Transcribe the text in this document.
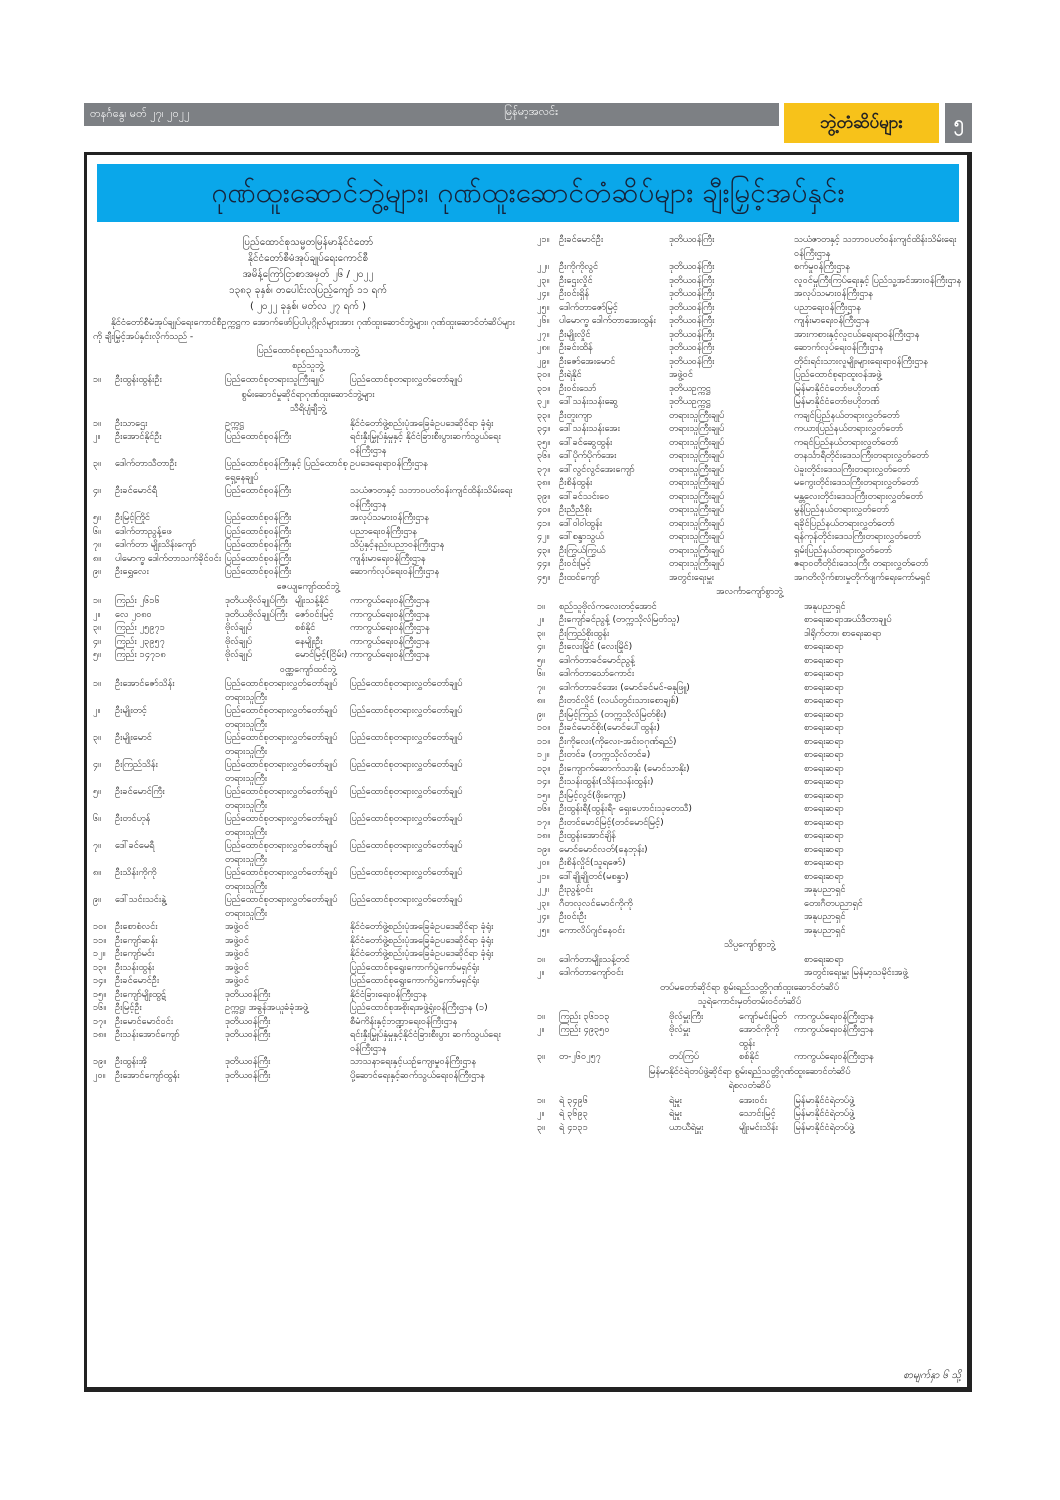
တနင်္ဂနွေ၊ မတ် ၂၇၊ ၂၀၂၂	မြန်မာ့အလင်း
ဘွဲ့တံဆိပ်များ	၅
ဂုဏ်ထူးဆောင်ဘွဲ့များ၊ ဂုဏ်ထူးဆောင်တံဆိပ်များ ချီးမြှင့်အပ်နှင်း
ပြည်ထောင်စုသမ္မတမြန်မာနိုင်ငံတော်
နိုင်ငံတော်စီမံအုပ်ချုပ်ရေးကောင်စီ
အမိန့်ကြော်ငြာစာအမှတ် ၂၆ / ၂၀၂၂
၁၃၈၃ ခုနှစ်၊ တပေါင်းလပြည့်ကျော် ၁၁ ရက်
( ၂၀၂၂ ခုနှစ်၊ မတ်လ ၂၇ ရက် )

နိုင်ငံတော်စီမံအုပ်ချုပ်ရေးကောင်စီဥက္ကဋ္ဌက အောက်ဖော်ပြပါပုဂ္ဂိုလ်များအား ဂုဏ်ထူးဆောင်ဘွဲ့များ၊ ဂုဏ်ထူးဆောင်တံဆိပ်များကို ချီးမြှင့်အပ်နှင်းလိုက်သည် -

ပြည်ထောင်စုစည်သူသဂီဟာဘွဲ့
စည်သူဘွဲ့
၁။	ဦးထွန်းထွန်းဦး	ပြည်ထောင်စုတရားသူကြီးချုပ်	ပြည်ထောင်စုတရားလွှတ်တော်ချုပ်
စွမ်းဆောင်မှုဆိုင်ရာဂုဏ်ထူးဆောင်ဘွဲ့များ
သီရိပျံချီဘွဲ့
၁။	ဦးသာဌေး	ဥက္ကဋ္ဌ	နိုင်ငံတော်ဖွဲ့စည်းပုံအခြေခံဥပဒေဆိုင်ရာ ခုံရုံး
၂။	ဦးအောင်နိုင်ဦး	ပြည်ထောင်စုဝန်ကြီး	ရင်းနှီးမြှုပ်နှံမှုနှင့် နိုင်ငံခြားစီးပွားဆက်သွယ်ရေးဝန်ကြီးဌာန
၃။	ဒေါက်တာသီတာဦး	ပြည်ထောင်စုဝန်ကြီးနှင့် ပြည်ထောင်စုရှေ့နေချုပ်
ဥပဒေရေးရာဝန်ကြီးဌာန
၄။	ဦးခင်မောင်ရီ	ပြည်ထောင်စုဝန်ကြီး	သယံဇာတနှင့် သဘာဝပတ်ဝန်းကျင်ထိန်းသိမ်းရေးဝန်ကြီးဌာန
၅။	ဦးမြင့်ကြိုင်	ပြည်ထောင်စုဝန်ကြီး	အလုပ်သမားဝန်ကြီးဌာန
၆။	ဒေါက်တာညွန့်ဖေ	ပြည်ထောင်စုဝန်ကြီး	ပညာရေးဝန်ကြီးဌာန
၇။	ဒေါက်တာ မျိုးသိန်းကျော်	ပြည်ထောင်စုဝန်ကြီး	သိပ္ပံနှင့်နည်းပညာဝန်ကြီးဌာန
၈။	ပါမောက္ခ ဒေါက်တာသက်ခိုင်ဝင်း ပြည်ထောင်စုဝန်ကြီး	ကျန်းမာရေးဝန်ကြီးဌာန
၉။	ဦးရွှေလေး	ပြည်ထောင်စုဝန်ကြီး	ဆောက်လုပ်ရေးဝန်ကြီးဌာန
ဇေယျကျော်ထင်ဘွဲ့
၁။	ကြည်း ၂၆၁၆	ဒုတိယဗိုလ်ချုပ်ကြီး မျိုးသန့်နိုင်	ကာကွယ်ရေးဝန်ကြီးဌာန
၂။	လေ ၂၀၈၀	ဒုတိယဗိုလ်ချုပ်ကြီး ဇော်ဝင်းမြင့်	ကာကွယ်ရေးဝန်ကြီးဌာန
၃။	ကြည်း ၂၅၉၇၁	ဗိုလ်ချုပ်	စစ်နိုင်	ကာကွယ်ရေးဝန်ကြီးဌာန
၄။	ကြည်း ၂၃၉၅၇	ဗိုလ်ချုပ်	နေမျိုးဦး	ကာကွယ်ရေးဝန်ကြီးဌာန
၅။	ကြည်း ၁၄၇၁၈	ဗိုလ်ချုပ်	မောင်မြင့်(ငြိမ်း) ကာကွယ်ရေးဝန်ကြီးဌာန
ဝဏ္ဏကျော်ထင်ဘွဲ့
၁။	ဦးအောင်ဇော်သိန်း	ပြည်ထောင်စုတရားလွှတ်တော်ချုပ် တရားသူကြီး
ပြည်ထောင်စုတရားလွှတ်တော်ချုပ်
၂။	ဦးမျိုးတင့်	ပြည်ထောင်စုတရားလွှတ်တော်ချုပ် တရားသူကြီး
ပြည်ထောင်စုတရားလွှတ်တော်ချုပ်
၃။	ဦးမျိုးမောင်	ပြည်ထောင်စုတရားလွှတ်တော်ချုပ် တရားသူကြီး
ပြည်ထောင်စုတရားလွှတ်တော်ချုပ်
၄။	ဦးကြည်သိန်း	ပြည်ထောင်စုတရားလွှတ်တော်ချုပ် တရားသူကြီး
ပြည်ထောင်စုတရားလွှတ်တော်ချုပ်
၅။	ဦးခင်မောင်ကြီး	ပြည်ထောင်စုတရားလွှတ်တော်ချုပ် တရားသူကြီး
ပြည်ထောင်စုတရားလွှတ်တော်ချုပ်
၆။	ဦးတင်ဟုန်	ပြည်ထောင်စုတရားလွှတ်တော်ချုပ် တရားသူကြီး
ပြည်ထောင်စုတရားလွှတ်တော်ချုပ်
၇။	ဒေါ်ခင်မေရီ	ပြည်ထောင်စုတရားလွှတ်တော်ချုပ် တရားသူကြီး
ပြည်ထောင်စုတရားလွှတ်တော်ချုပ်
၈။	ဦးသိန်းကိုကို	ပြည်ထောင်စုတရားလွှတ်တော်ချုပ် တရားသူကြီး
ပြည်ထောင်စုတရားလွှတ်တော်ချုပ်
၉။	ဒေါ်သင်းသင်းနွဲ့	ပြည်ထောင်စုတရားလွှတ်တော်ချုပ် တရားသူကြီး
ပြည်ထောင်စုတရားလွှတ်တော်ချုပ်
၁၀။ ဦးစောစံလင်း	အဖွဲ့ဝင်	နိုင်ငံတော်ဖွဲ့စည်းပုံအခြေခံဥပဒေဆိုင်ရာ ခုံရုံး
၁၁။ ဦးကျော်ဆန်း	အဖွဲ့ဝင်	နိုင်ငံတော်ဖွဲ့စည်းပုံအခြေခံဥပဒေဆိုင်ရာ ခုံရုံး
၁၂။	ဦးကျော်မင်း	အဖွဲ့ဝင်	နိုင်ငံတော်ဖွဲ့စည်းပုံအခြေခံဥပဒေဆိုင်ရာ ခုံရုံး
၁၃။ ဦးသန်းထွန်း	အဖွဲ့ဝင်	ပြည်ထောင်စုရွေးကောက်ပွဲကော်မရှင်ရုံး
၁၄။ ဦးခင်မောင်ဦး	အဖွဲ့ဝင်	ပြည်ထောင်စုရွေးကောက်ပွဲကော်မရှင်ရုံး
၁၅။ ဦးကျော်မျိုးထွဋ်	ဒုတိယဝန်ကြီး	နိုင်ငံခြားရေးဝန်ကြီးဌာန
၁၆။ ဦးမြင့်ဦး	ဥက္ကဋ္ဌ၊ အခွန်အယူခံခုံအဖွဲ့	ပြည်ထောင်စုအစိုးရအဖွဲ့ရုံးဝန်ကြီးဌာန (၁)
၁၇။ ဦးမောင်မောင်ဝင်း	ဒုတိယဝန်ကြီး	စီမံကိန်းနှင့်ဘဏ္ဍာရေးဝန်ကြီးဌာန
၁၈။ ဦးသန်းအောင်ကျော်	ဒုတိယဝန်ကြီး	ရင်းနှီးမြှုပ်နှံမှုနှင့်နိုင်ငံခြားစီးပွား ဆက်သွယ်ရေးဝန်ကြီးဌာန
၁၉။ ဦးထွန်းအို	ဒုတိယဝန်ကြီး	သာသနာရေးနှင့်ယဉ်ကျေးမှုဝန်ကြီးဌာန
၂၀။	ဦးအောင်ကျော်ထွန်း	ဒုတိယဝန်ကြီး	ပို့ဆောင်ရေးနှင့်ဆက်သွယ်ရေးဝန်ကြီးဌာန
၂၁။	ဦးခင်မောင်ဦး	ဒုတိယဝန်ကြီး	သယံဇာတနှင့် သဘာဝပတ်ဝန်းကျင်ထိန်းသိမ်းရေးဝန်ကြီးဌာန
၂၂။	ဦးကိုကိုလွင်	ဒုတိယဝန်ကြီး	စက်မှုဝန်ကြီးဌာန
၂၃။	ဦးဌေးလှိုင်	ဒုတိယဝန်ကြီး	လူဝင်မှုကြီးကြပ်ရေးနှင့် ပြည်သူ့အင်အားဝန်ကြီးဌာန
၂၄။	ဦးဝင်းရှိန်	ဒုတိယဝန်ကြီး	အလုပ်သမားဝန်ကြီးဌာန
၂၅။	ဒေါက်တာဇော်မြင့်	ဒုတိယဝန်ကြီး	ပညာရေးဝန်ကြီးဌာန
၂၆။	ပါမောက္ခ ဒေါက်တာအေးထွန်း	ဒုတိယဝန်ကြီး	ကျန်းမာရေးဝန်ကြီးဌာန
၂၇။	ဦးမျိုးလှိုင်	ဒုတိယဝန်ကြီး	အားကစားနှင့်လူငယ်ရေးရာဝန်ကြီးဌာန
၂၈။	ဦးခင်းထိန်	ဒုတိယဝန်ကြီး	ဆောက်လုပ်ရေးဝန်ကြီးဌာန
၂၉။	ဦးဇော်အေးမောင်	ဒုတိယဝန်ကြီး	တိုင်းရင်းသားလူမျိုးများရေးရာဝန်ကြီးဌာန
၃၀။ ဦးရဲနိုင်	အဖွဲ့ဝင်	ပြည်ထောင်စုရာထူးဝန်အဖွဲ့
၃၁။ ဦးဝင်းသော်	ဒုတိယဥက္ကဋ္ဌ	မြန်မာနိုင်ငံတော်ဗဟိုဘဏ်
၃၂။	ဒေါ်သန်းသန်းဆွေ	ဒုတိယဥက္ကဋ္ဌ	မြန်မာနိုင်ငံတော်ဗဟိုဘဏ်
၃၃။ ဦးတူးကျာ	တရားသူကြီးချုပ်	ကချင်ပြည်နယ်တရားလွှတ်တော်
၃၄။ ဒေါ်သန်းသန်းအေး	တရားသူကြီးချုပ်	ကယားပြည်နယ်တရားလွှတ်တော်
၃၅။ ဒေါ်ခင်ဆွေထွန်း	တရားသူကြီးချုပ်	ကရင်ပြည်နယ်တရားလွှတ်တော်
၃၆။ ဒေါ်ပိုက်ပိုက်အေး	တရားသူကြီးချုပ်	တနင်္သာရီတိုင်းဒေသကြီးတရားလွှတ်တော်
၃၇။ ဒေါ်လွင်လွင်အေးကျော်	တရားသူကြီးချုပ်	ပဲခူးတိုင်းဒေသကြီးတရားလွှတ်တော်
၃၈။ ဦးစိန်ထွန်း	တရားသူကြီးချုပ်	မကွေးတိုင်းဒေသကြီးတရားလွှတ်တော်
၃၉။ ဒေါ်ခင်သင်းဝေ	တရားသူကြီးချုပ်	မန္တလေးတိုင်းဒေသကြီးတရားလွှတ်တော်
၄၀။ ဦးညီညီစိုး	တရားသူကြီးချုပ်	မွန်ပြည်နယ်တရားလွှတ်တော်
၄၁။ ဒေါ်ဝါဝါထွန်း	တရားသူကြီးချုပ်	ရခိုင်ပြည်နယ်တရားလွှတ်တော်
၄၂။	ဒေါ်စန္ဒာသွယ်	တရားသူကြီးချုပ်	ရန်ကုန်တိုင်းဒေသကြီးတရားလွှတ်တော်
၄၃။ ဦးကြွယ်ကြွယ်	တရားသူကြီးချုပ်	ရှမ်းပြည်နယ်တရားလွှတ်တော်
၄၄။ ဦးဝင်းမြင့်	တရားသူကြီးချုပ်	ဧရာဝတီတိုင်းဒေသကြီး တရားလွှတ်တော်
၄၅။ ဦးထင်ကျော်	အတွင်းရေးမှူး	အဂတိလိုက်စားမှုတိုက်ဖျက်ရေးကော်မရှင်
အလင်္ကာကျော်စွာဘွဲ့
၁။	စည်သူဗိုလ်ကလေးတင့်အောင်	အနုပညာရှင်
၂။	ဦးကျော်ခင်ညွန့် (တက္ကသိုလ်မြတ်သူ)	စာရေးဆရာအယ်ဒီတာချုပ်
၃။	ဦးကြည်စိုးထွန်း	ဒါရိုက်တာ၊ စာရေးဆရာ
၄။	ဦးလေးမြိုင် (လေးမြိုင်)	စာရေးဆရာ
၅။	ဒေါက်တာခင်မောင်ညွန့်	စာရေးဆရာ
၆။	ဒေါက်တာသော်ကောင်း	စာရေးဆရာ
၇။	ဒေါက်တာခင်အေး (မောင်ခင်မင်-ဓနုဖြူ)	စာရေးဆရာ
၈။	ဦးတင်လှိုင် (လယ်တွင်းသားစောချစ်)	စာရေးဆရာ
၉။	ဦးမြင့်ကြည် (တက္ကသိုလ်မြတ်စိုး)	စာရေးဆရာ
၁၀။ ဦးခင်မောင်စိုး(မောင်ပေါ်ထွန်း)	စာရေးဆရာ
၁၁။ ဦးကိုလေး(ကိုလေး-အင်းဝဂုဏ်ရည်)	စာရေးဆရာ
၁၂။	ဦးတင်ခ (တက္ကသိုလ်တင်ခ)	စာရေးဆရာ
၁၃။ ဦးကျောက်ဆောက်သာနိုး (မောင်သာနိုး)	စာရေးဆရာ
၁၄။ ဦးသန်းထွန်း(သိန်းသန်းထွန်း)	စာရေးဆရာ
၁၅။ ဦးမြင့်လွင်(ဖိုးကျော့)	စာရေးဆရာ
၁၆။ ဦးထွန်းရီ(ထွန်းရီ- ရှေးဟောင်းသုတေသီ)	စာရေးဆရာ
၁၇။ ဦးတင်မောင်မြင့်(တင်မောင်မြင့်)	စာရေးဆရာ
၁၈။ ဦးထွန်းအောင်ချိန်	စာရေးဆရာ
၁၉။ မောင်မောင်လတ်(နေဘုန်း)	စာရေးဆရာ
၂၀။	ဦးစိန်လှိုင်(သူရဇော်)	စာရေးဆရာ
၂၁။	ဒေါ်ချိုချိုတင်(မစန္ဒာ)	စာရေးဆရာ
၂၂။	ဦးညွန့်ဝင်း	အနုပညာရှင်
၂၃။	ဂီတလုလင်မောင်ကိုကို	တေးဂီတပညာရှင်
၂၄။	ဦးဝင်းဦး	အနုပညာရှင်
၂၅။	ကောလိပ်ဂျင်နေဝင်း	အနုပညာရှင်
သိပ္ပကျော်စွာဘွဲ့
၁။	ဒေါက်တာမျိုးသန့်တင်	စာရေးဆရာ
၂။	ဒေါက်တာကျော်ဝင်း	အတွင်းရေးမှူး မြန်မာ့သမိုင်းအဖွဲ့
တပ်မတော်ဆိုင်ရာ စွမ်းရည်သတ္တိဂုဏ်ထူးဆောင်တံဆိပ်
သူရဲကောင်းမှတ်တမ်းဝင်တံဆိပ်
၁။	ကြည်း ၃၆၁၁၃	ဗိုလ်မှူးကြီး	ကျော်မင်းမြတ် ကာကွယ်ရေးဝန်ကြီးဌာန
၂။	ကြည်း ၄၉၃၅၀	ဗိုလ်မှူး	အောင်ကိုကိုထွန်း
ကာကွယ်ရေးဝန်ကြီးဌာန
၃။	တ-၂၆၀၂၅၇	တပ်ကြပ်	စစ်နိုင်	ကာကွယ်ရေးဝန်ကြီးဌာန
မြန်မာနိုင်ငံရဲတပ်ဖွဲ့ဆိုင်ရာ စွမ်းရည်သတ္တိဂုဏ်ထူးဆောင်တံဆိပ်
ရဲစလတံဆိပ်
၁။	ရဲ ၃၄၉၆	ရဲမှူး	အေးဝင်း	မြန်မာနိုင်ငံရဲတပ်ဖွဲ့
၂။	ရဲ ၃၆၉၃	ရဲမှူး	သောင်းမြင့်	မြန်မာနိုင်ငံရဲတပ်ဖွဲ့
၃။	ရဲ ၄၁၃၁	ယာယီရဲမှူး	မျိုးမင်းသိန်း	မြန်မာနိုင်ငံရဲတပ်ဖွဲ့
စာမျက်နှာ ၆ သို့
